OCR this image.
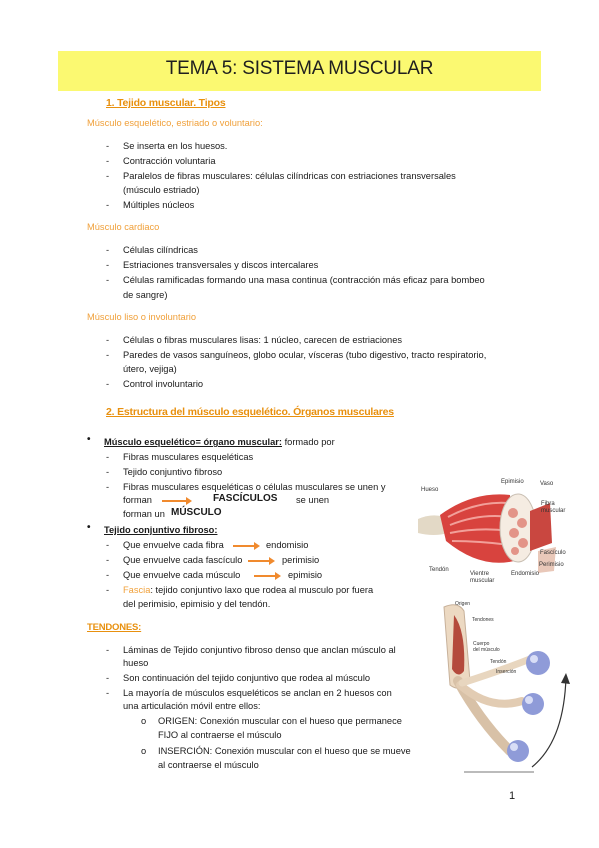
TEMA 5: SISTEMA MUSCULAR
1. Tejido muscular. Tipos
Músculo esquelético, estriado o voluntario:
- Se inserta en los huesos.
- Contracción voluntaria
- Paralelos de fibras musculares: células cilíndricas con estriaciones transversales
(músculo estriado)
- Múltiples núcleos
Músculo cardiaco
- Células cilíndricas
- Estriaciones transversales y discos intercalares
- Células ramificadas formando una masa continua (contracción más eficaz para bombeo
de sangre)
Músculo liso o involuntario
- Células o fibras musculares lisas: 1 núcleo, carecen de estriaciones
- Paredes de vasos sanguíneos, globo ocular, vísceras (tubo digestivo, tracto respiratorio,
útero, vejiga)
- Control involuntario
2. Estructura del músculo esquelético. Órganos musculares
• Músculo esquelético= órgano muscular: formado por
- Fibras musculares esqueléticas
- Tejido conjuntivo fibroso
- Fibras musculares esqueléticas o células musculares se unen y
forman	FASCÍCULOS se unen
forman un MÚSCULO
• Tejido conjuntivo fibroso:
- Que envuelve cada fibra	endomisio
- Que envuelve cada fascículo	perimisio
- Que envuelve cada músculo	epimisio
- Fascia: tejido conjuntivo laxo que rodea al musculo por fuera
del perimisio, epimisio y del tendón.
TENDONES:
- Láminas de Tejido conjuntivo fibroso denso que anclan músculo al
hueso
- Son continuación del tejido conjuntivo que rodea al músculo
- La mayoría de músculos esqueléticos se anclan en 2 huesos con
una articulación móvil entre ellos:
o ORIGEN: Conexión muscular con el hueso que permanece
FIJO al contraerse el músculo
o INSERCIÓN: Conexión muscular con el hueso que se mueve
al contraerse el músculo
Epimisio	Vaso
Hueso
Fibra
muscular
Fascículo
Perimisio
Tendón
Vientre
muscular
Endomisio
Origen
Tendones
Cuerpo
del músculo
Tendón
Inserción
1
